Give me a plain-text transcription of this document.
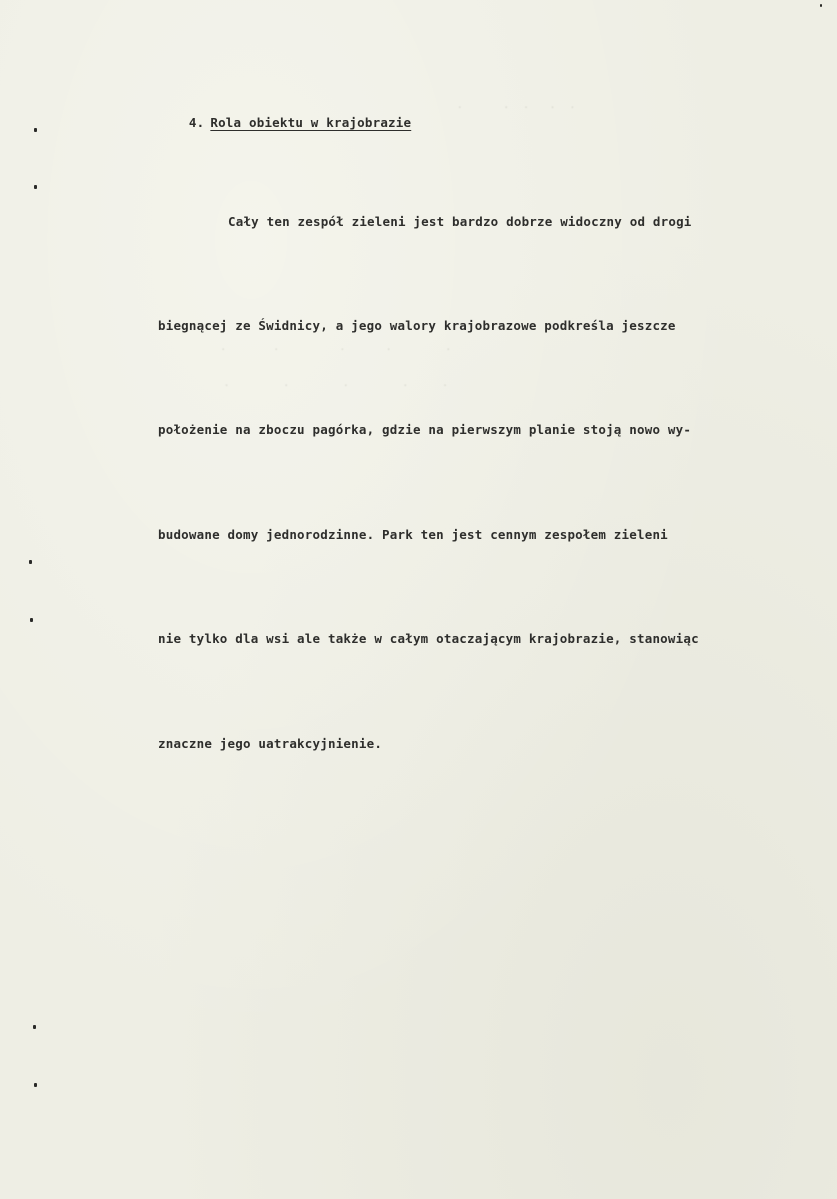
.      .  .   .  .
.       .         .      .        .
.        .        .        .     .

4. Rola obiektu w krajobrazie

Cały ten zespół zieleni jest bardzo dobrze widoczny od drogi

biegnącej ze Świdnicy, a jego walory krajobrazowe podkreśla jeszcze

położenie na zboczu pagórka, gdzie na pierwszym planie stoją nowo wy-

budowane domy jednorodzinne. Park ten jest cennym zespołem zieleni

nie tylko dla wsi ale także w całym otaczającym krajobrazie, stanowiąc

znaczne jego uatrakcyjnienie.
